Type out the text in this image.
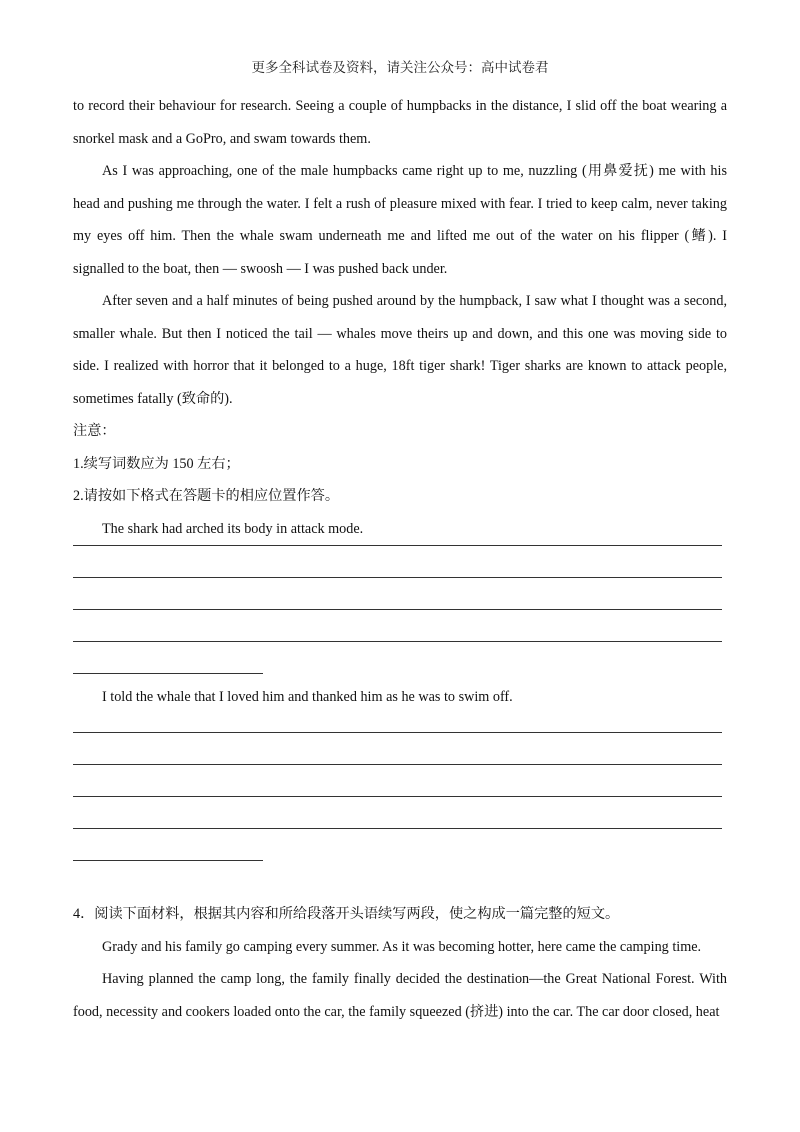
更多全科试卷及资料，请关注公众号：高中试卷君

to record their behaviour for research. Seeing a couple of humpbacks in the distance, I slid off the boat wearing a snorkel mask and a GoPro, and swam towards them.

As I was approaching, one of the male humpbacks came right up to me, nuzzling (用鼻爱抚) me with his head and pushing me through the water. I felt a rush of pleasure mixed with fear. I tried to keep calm, never taking my eyes off him. Then the whale swam underneath me and lifted me out of the water on his flipper (鳍). I signalled to the boat, then — swoosh — I was pushed back under.

After seven and a half minutes of being pushed around by the humpback, I saw what I thought was a second, smaller whale. But then I noticed the tail — whales move theirs up and down, and this one was moving side to side. I realized with horror that it belonged to a huge, 18ft tiger shark! Tiger sharks are known to attack people, sometimes fatally (致命的).

注意：

1.续写词数应为 150 左右；

2.请按如下格式在答题卡的相应位置作答。

The shark had arched its body in attack mode.

I told the whale that I loved him and thanked him as he was to swim off.

4．阅读下面材料，根据其内容和所给段落开头语续写两段，使之构成一篇完整的短文。

Grady and his family go camping every summer. As it was becoming hotter, here came the camping time.

Having planned the camp long, the family finally decided the destination—the Great National Forest. With food, necessity and cookers loaded onto the car, the family squeezed (挤进) into the car. The car door closed, heat
